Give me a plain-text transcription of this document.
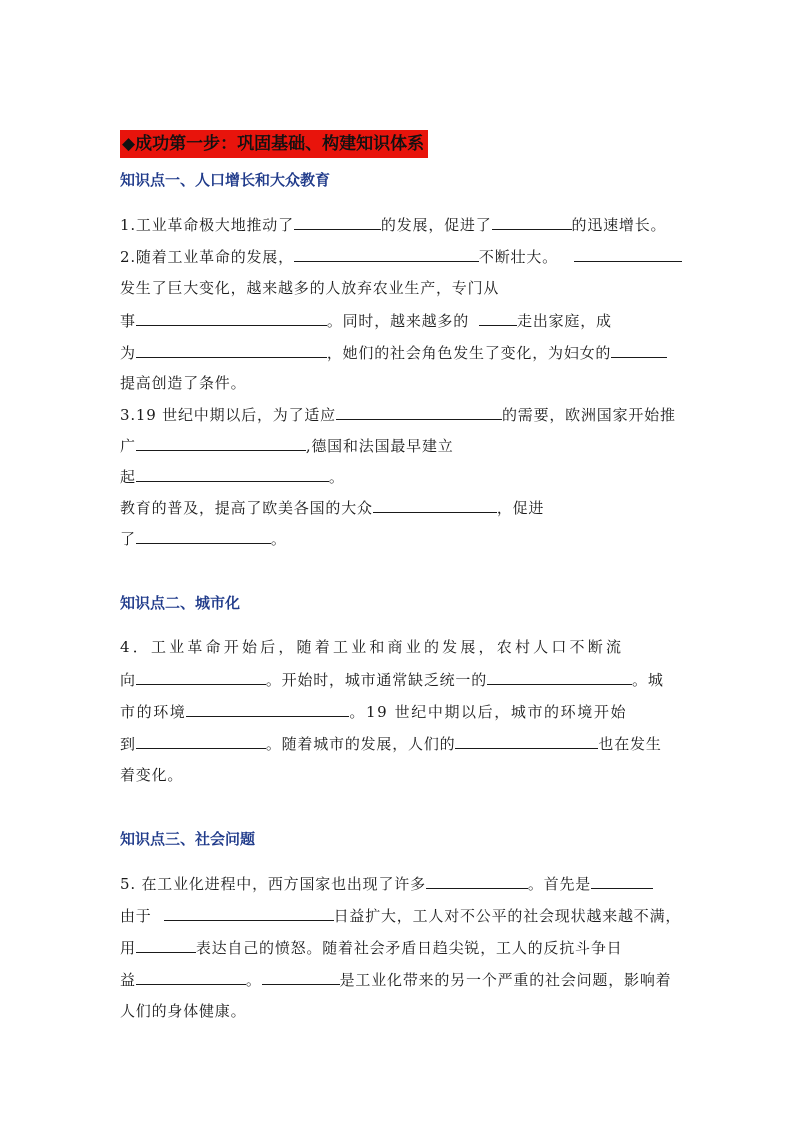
◆成功第一步：巩固基础、构建知识体系
知识点一、人口增长和大众教育
1.工业革命极大地推动了	的发展，促进了	的迅速增长。
2.随着工业革命的发展，	不断壮大。
发生了巨大变化，越来越多的人放弃农业生产，专门从
事	。同时，越来越多的	走出家庭，成
为	，她们的社会角色发生了变化，为妇女的
提高创造了条件。
3.19 世纪中期以后，为了适应	的需要，欧洲国家开始推
广	,德国和法国最早建立
起	。
教育的普及，提高了欧美各国的大众	，促进
了	。
知识点二、城市化
4．工业革命开始后，随着工业和商业的发展，农村人口不断流
向	。开始时，城市通常缺乏统一的	。城
市的环境	。19 世纪中期以后，城市的环境开始
到	。随着城市的发展，人们的	也在发生
着变化。
知识点三、社会问题
5. 在工业化进程中，西方国家也出现了许多	。首先是
由于	日益扩大，工人对不公平的社会现状越来越不满，
用	表达自己的愤怒。随着社会矛盾日趋尖锐，工人的反抗斗争日
益	。	是工业化带来的另一个严重的社会问题，影响着
人们的身体健康。
